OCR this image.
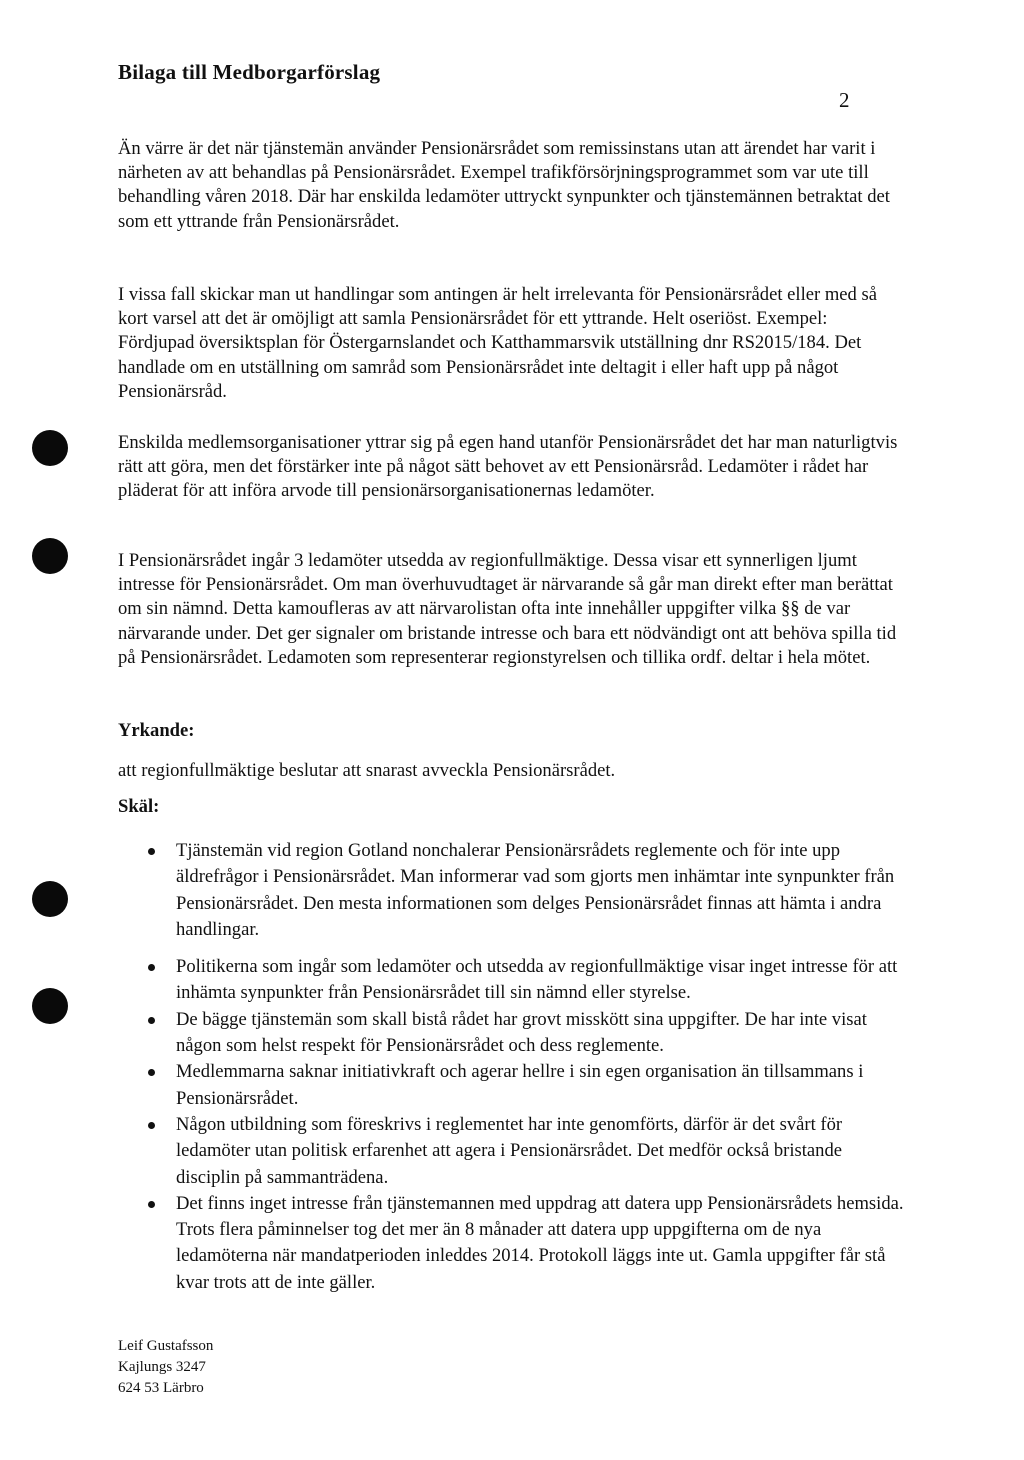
Bilaga till Medborgarförslag
2

Än värre är det när tjänstemän använder Pensionärsrådet som remissinstans utan att ärendet har varit i närheten av att behandlas på Pensionärsrådet. Exempel trafikförsörjningsprogrammet som var ute till behandling våren 2018. Där har enskilda ledamöter uttryckt synpunkter och tjänstemännen betraktat det som ett yttrande från Pensionärsrådet.

I vissa fall skickar man ut handlingar som antingen är helt irrelevanta för Pensionärsrådet eller med så kort varsel att det är omöjligt att samla Pensionärsrådet för ett yttrande. Helt oseriöst. Exempel: Fördjupad översiktsplan för Östergarnslandet och Katthammarsvik utställning dnr RS2015/184. Det handlade om en utställning om samråd som Pensionärsrådet inte deltagit i eller haft upp på något Pensionärsråd.

Enskilda medlemsorganisationer yttrar sig på egen hand utanför Pensionärsrådet det har man naturligtvis rätt att göra, men det förstärker inte på något sätt behovet av ett Pensionärsråd. Ledamöter i rådet har pläderat för att införa arvode till pensionärsorganisationernas ledamöter.

I Pensionärsrådet ingår 3 ledamöter utsedda av regionfullmäktige. Dessa visar ett synnerligen ljumt intresse för Pensionärsrådet. Om man överhuvudtaget är närvarande så går man direkt efter man berättat om sin nämnd. Detta kamoufleras av att närvarolistan ofta inte innehåller uppgifter vilka §§ de var närvarande under. Det ger signaler om bristande intresse och bara ett nödvändigt ont att behöva spilla tid på Pensionärsrådet. Ledamoten som representerar regionstyrelsen och tillika ordf. deltar i hela mötet.

Yrkande:

att regionfullmäktige beslutar att snarast avveckla Pensionärsrådet.

Skäl:

Tjänstemän vid region Gotland nonchalerar Pensionärsrådets reglemente och för inte upp äldrefrågor i Pensionärsrådet. Man informerar vad som gjorts men inhämtar inte synpunkter från Pensionärsrådet. Den mesta informationen som delges Pensionärsrådet finnas att hämta i andra handlingar.
Politikerna som ingår som ledamöter och utsedda av regionfullmäktige visar inget intresse för att inhämta synpunkter från Pensionärsrådet till sin nämnd eller styrelse.
De bägge tjänstemän som skall bistå rådet har grovt misskött sina uppgifter. De har inte visat någon som helst respekt för Pensionärsrådet och dess reglemente.
Medlemmarna saknar initiativkraft och agerar hellre i sin egen organisation än tillsammans i Pensionärsrådet.
Någon utbildning som föreskrivs i reglementet har inte genomförts, därför är det svårt för ledamöter utan politisk erfarenhet att agera i Pensionärsrådet. Det medför också bristande disciplin på sammanträdena.
Det finns inget intresse från tjänstemannen med uppdrag att datera upp Pensionärsrådets hemsida. Trots flera påminnelser tog det mer än 8 månader att datera upp uppgifterna om de nya ledamöterna när mandatperioden inleddes 2014. Protokoll läggs inte ut. Gamla uppgifter får stå kvar trots att de inte gäller.
Leif Gustafsson
Kajlungs 3247
624 53 Lärbro
